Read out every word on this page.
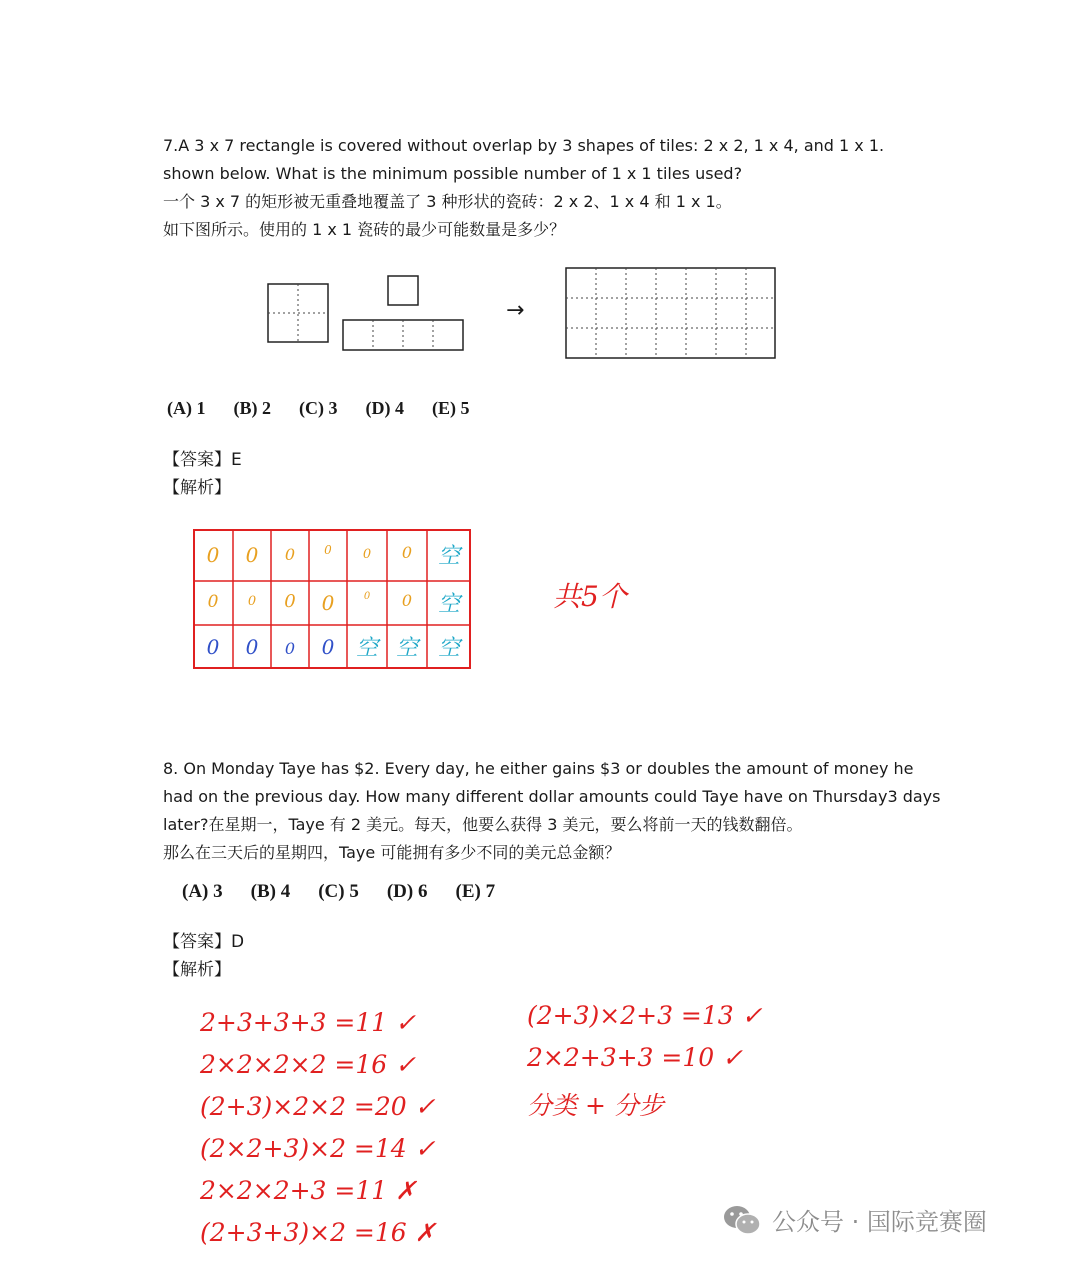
7.A 3 x 7 rectangle is covered without overlap by 3 shapes of tiles: 2 x 2, 1 x 4, and 1 x 1.
shown below. What is the minimum possible number of 1 x 1 tiles used?
一个 3 x 7 的矩形被无重叠地覆盖了 3 种形状的瓷砖：2 x 2、1 x 4 和 1 x 1。
如下图所示。使用的 1 x 1 瓷砖的最少可能数量是多少？
→
(A) 1 (B) 2 (C) 3 (D) 4 (E) 5
【答案】E
【解析】
0	0	0	0	0	0	空
0	0	0	0	0	0	空
0	0	0	0 空 空 空
共5个
8. On Monday Taye has $2. Every day, he either gains $3 or doubles the amount of money he
had on the previous day. How many different dollar amounts could Taye have on Thursday3 days
later?在星期一，Taye 有 2 美元。每天，他要么获得 3 美元，要么将前一天的钱数翻倍。
那么在三天后的星期四，Taye 可能拥有多少不同的美元总金额？
(A) 3 (B) 4 (C) 5 (D) 6 (E) 7
【答案】D
【解析】
2+3+3+3 =11 ✓
2×2×2×2 =16 ✓
(2+3)×2×2 =20 ✓
(2×2+3)×2 =14 ✓
2×2×2+3 =11 ✗
(2+3+3)×2 =16 ✗
(2+3)×2+3 =13 ✓
2×2+3+3 =10 ✓
分类 + 分步
公众号 · 国际竞赛圈
